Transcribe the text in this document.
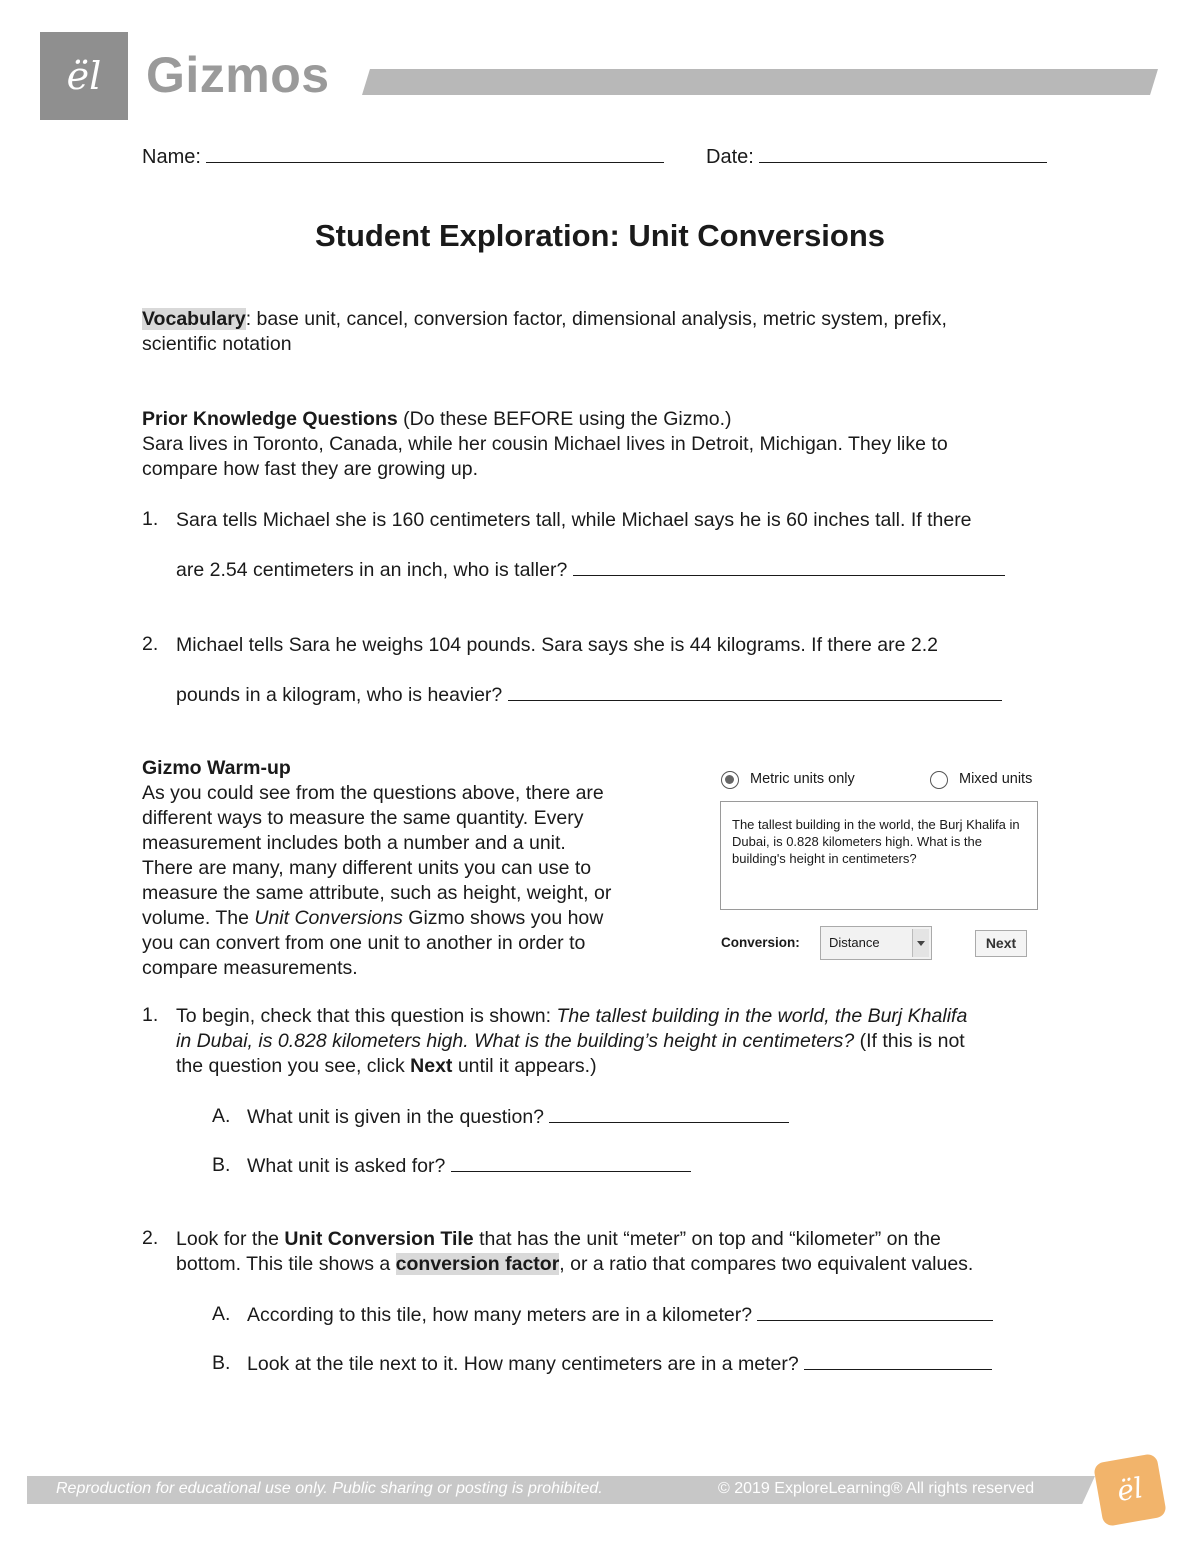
ël Gizmos
Name:	Date:
Student Exploration: Unit Conversions
Vocabulary: base unit, cancel, conversion factor, dimensional analysis, metric system, prefix,
scientific notation
Prior Knowledge Questions (Do these BEFORE using the Gizmo.)
Sara lives in Toronto, Canada, while her cousin Michael lives in Detroit, Michigan. They like to
compare how fast they are growing up.
1. Sara tells Michael she is 160 centimeters tall, while Michael says he is 60 inches tall. If there
are 2.54 centimeters in an inch, who is taller?
2. Michael tells Sara he weighs 104 pounds. Sara says she is 44 kilograms. If there are 2.2
pounds in a kilogram, who is heavier?
Gizmo Warm-up
As you could see from the questions above, there are
different ways to measure the same quantity. Every
measurement includes both a number and a unit.
There are many, many different units you can use to
measure the same attribute, such as height, weight, or
volume. The Unit Conversions Gizmo shows you how
you can convert from one unit to another in order to
compare measurements.
Metric units only	Mixed units
The tallest building in the world, the Burj Khalifa in Dubai, is 0.828 kilometers high. What is the building's height in centimeters?
Conversion: Distance	Next
1. To begin, check that this question is shown: The tallest building in the world, the Burj Khalifa
in Dubai, is 0.828 kilometers high. What is the building’s height in centimeters? (If this is not
the question you see, click Next until it appears.)
A. What unit is given in the question?
B. What unit is asked for?
2. Look for the Unit Conversion Tile that has the unit “meter” on top and “kilometer” on the
bottom. This tile shows a conversion factor, or a ratio that compares two equivalent values.
A. According to this tile, how many meters are in a kilometer?
B. Look at the tile next to it. How many centimeters are in a meter?
Reproduction for educational use only. Public sharing or posting is prohibited.	© 2019 ExploreLearning® All rights reserved	ël
